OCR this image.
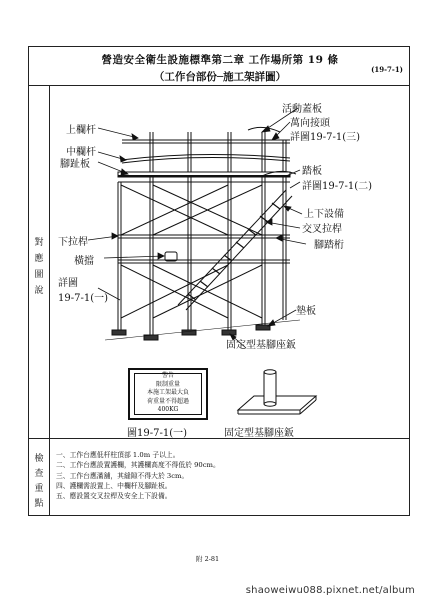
營造安全衛生設施標準第二章 工作場所第 19 條
（工作台部份─施工架詳圖）
(19-7-1)
對
應
圖
說
檢
查
重
點
上欄杆
中欄杆
腳趾板
活動蓋板
萬向接頭
詳圖19-7-1(三)
踏板
詳圖19-7-1(二)
上下設備
交叉拉桿
腳踏桁
下拉桿
橫擋
詳圖
19-7-1(一)
墊板
固定型基腳座鈑
警告
限制重量
本施工架最大負
荷重量不得超過
400KG
圖19-7-1(一)	固定型基腳座鈑
一、工作台應低杆柱頂部 1.0m 子以上。
二、工作台應設置護欄，其護欄高度不得低於 90cm。
三、工作台應滿舖，其縫隙不得大於 3cm。
四、護欄需設置上、中欄杆及腳趾板。
五、應設置交叉拉桿及安全上下設備。
附 2-81
shaoweiwu088.pixnet.net/album
